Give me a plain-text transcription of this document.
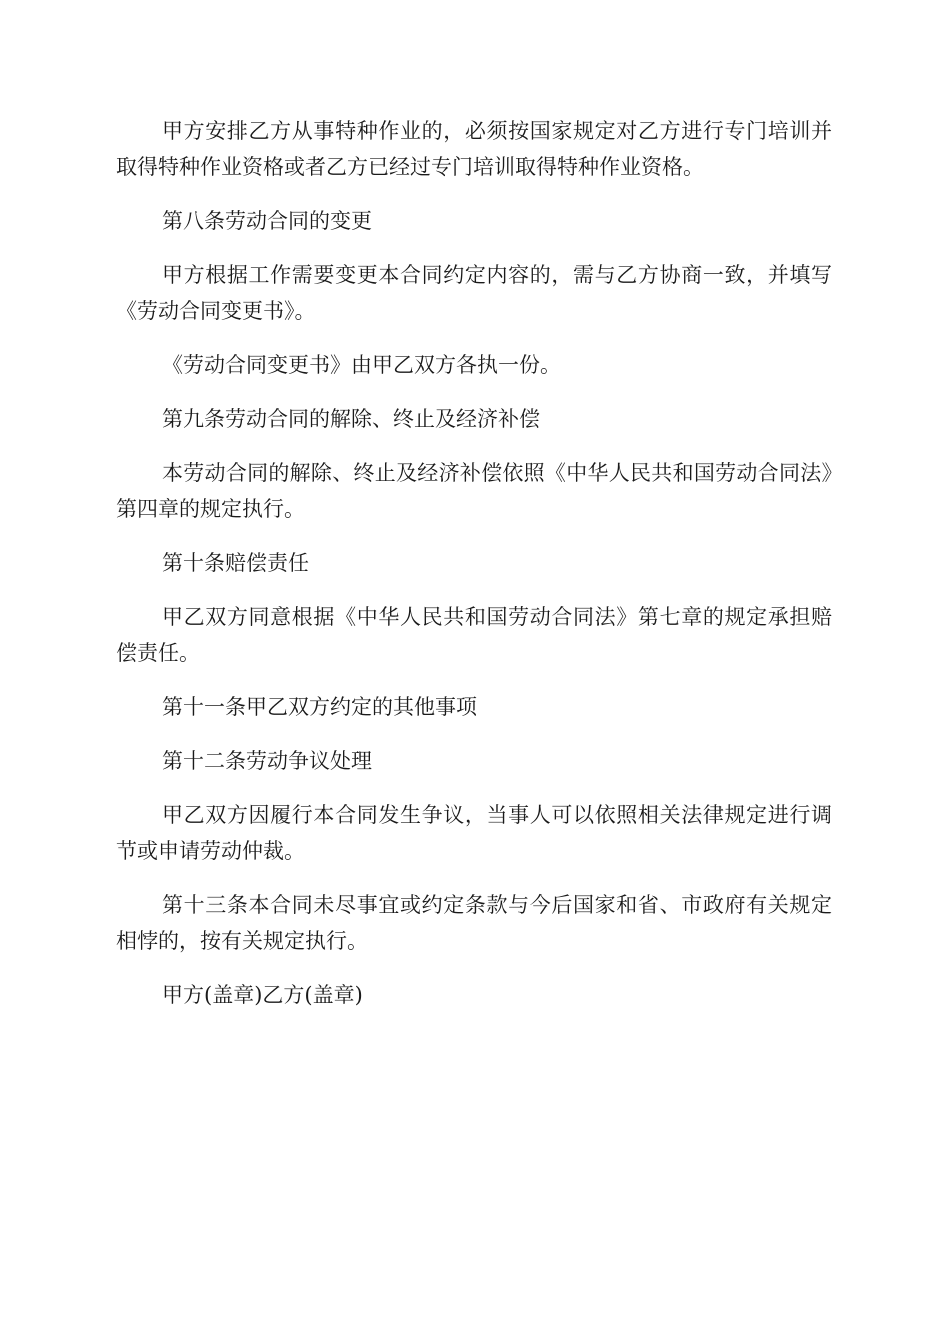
甲方安排乙方从事特种作业的，必须按国家规定对乙方进行专门培训并取得特种作业资格或者乙方已经过专门培训取得特种作业资格。

第八条劳动合同的变更

甲方根据工作需要变更本合同约定内容的，需与乙方协商一致，并填写《劳动合同变更书》。

《劳动合同变更书》由甲乙双方各执一份。

第九条劳动合同的解除、终止及经济补偿

本劳动合同的解除、终止及经济补偿依照《中华人民共和国劳动合同法》第四章的规定执行。

第十条赔偿责任

甲乙双方同意根据《中华人民共和国劳动合同法》第七章的规定承担赔偿责任。

第十一条甲乙双方约定的其他事项

第十二条劳动争议处理

甲乙双方因履行本合同发生争议，当事人可以依照相关法律规定进行调节或申请劳动仲裁。

第十三条本合同未尽事宜或约定条款与今后国家和省、市政府有关规定相悖的，按有关规定执行。

甲方(盖章)乙方(盖章)
